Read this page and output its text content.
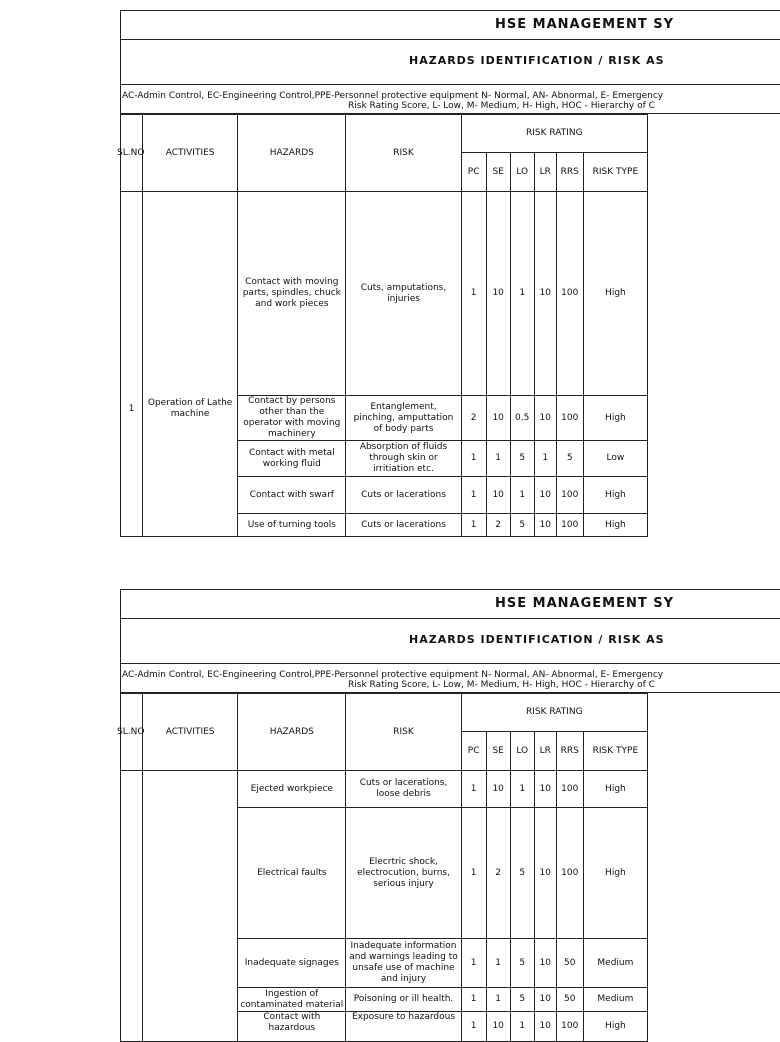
HSE MANAGEMENT SY
HAZARDS IDENTIFICATION / RISK AS
AC-Admin Control, EC-Engineering Control,PPE-Personnel protective equipment N- Normal, AN- Abnormal, E- Emergency
Risk Rating Score, L- Low, M- Medium, H- High, HOC - Hierarchy of C
SL.NO	ACTIVITIES	HAZARDS	RISK	RISK RATING					
				PC	SE	LO	LR	RRS	RISK TYPE
1	Operation of Lathe machine	Contact with moving parts, spindles, chuck and work pieces	Cuts, amputations, injuries	1	10	1	10	100	High
		Contact by persons other than the operator with moving machinery	Entanglement, pinching, amputtation of body parts	2	10	0.5	10	100	High
		Contact with metal working fluid	Absorption of fluids through skin or irritiation etc.	1	1	5	1	5	Low
		Contact with swarf	Cuts or lacerations	1	10	1	10	100	High
		Use of turning tools	Cuts or lacerations	1	2	5	10	100	High
HSE MANAGEMENT SY
HAZARDS IDENTIFICATION / RISK AS
AC-Admin Control, EC-Engineering Control,PPE-Personnel protective equipment N- Normal, AN- Abnormal, E- Emergency
Risk Rating Score, L- Low, M- Medium, H- High, HOC - Hierarchy of C
SL.NO	ACTIVITIES	HAZARDS	RISK	RISK RATING					
				PC	SE	LO	LR	RRS	RISK TYPE
		Ejected workpiece	Cuts or lacerations, loose debris	1	10	1	10	100	High
		Electrical faults	Elecrtric shock, electrocution, burns, serious injury	1	2	5	10	100	High
		Inadequate signages	Inadequate information and warnings leading to unsafe use of machine and injury	1	1	5	10	50	Medium
		Ingestion of contaminated material	Poisoning or ill health.	1	1	5	10	50	Medium
		Contact with hazardous	Exposure to hazardous	1	10	1	10	100	High
